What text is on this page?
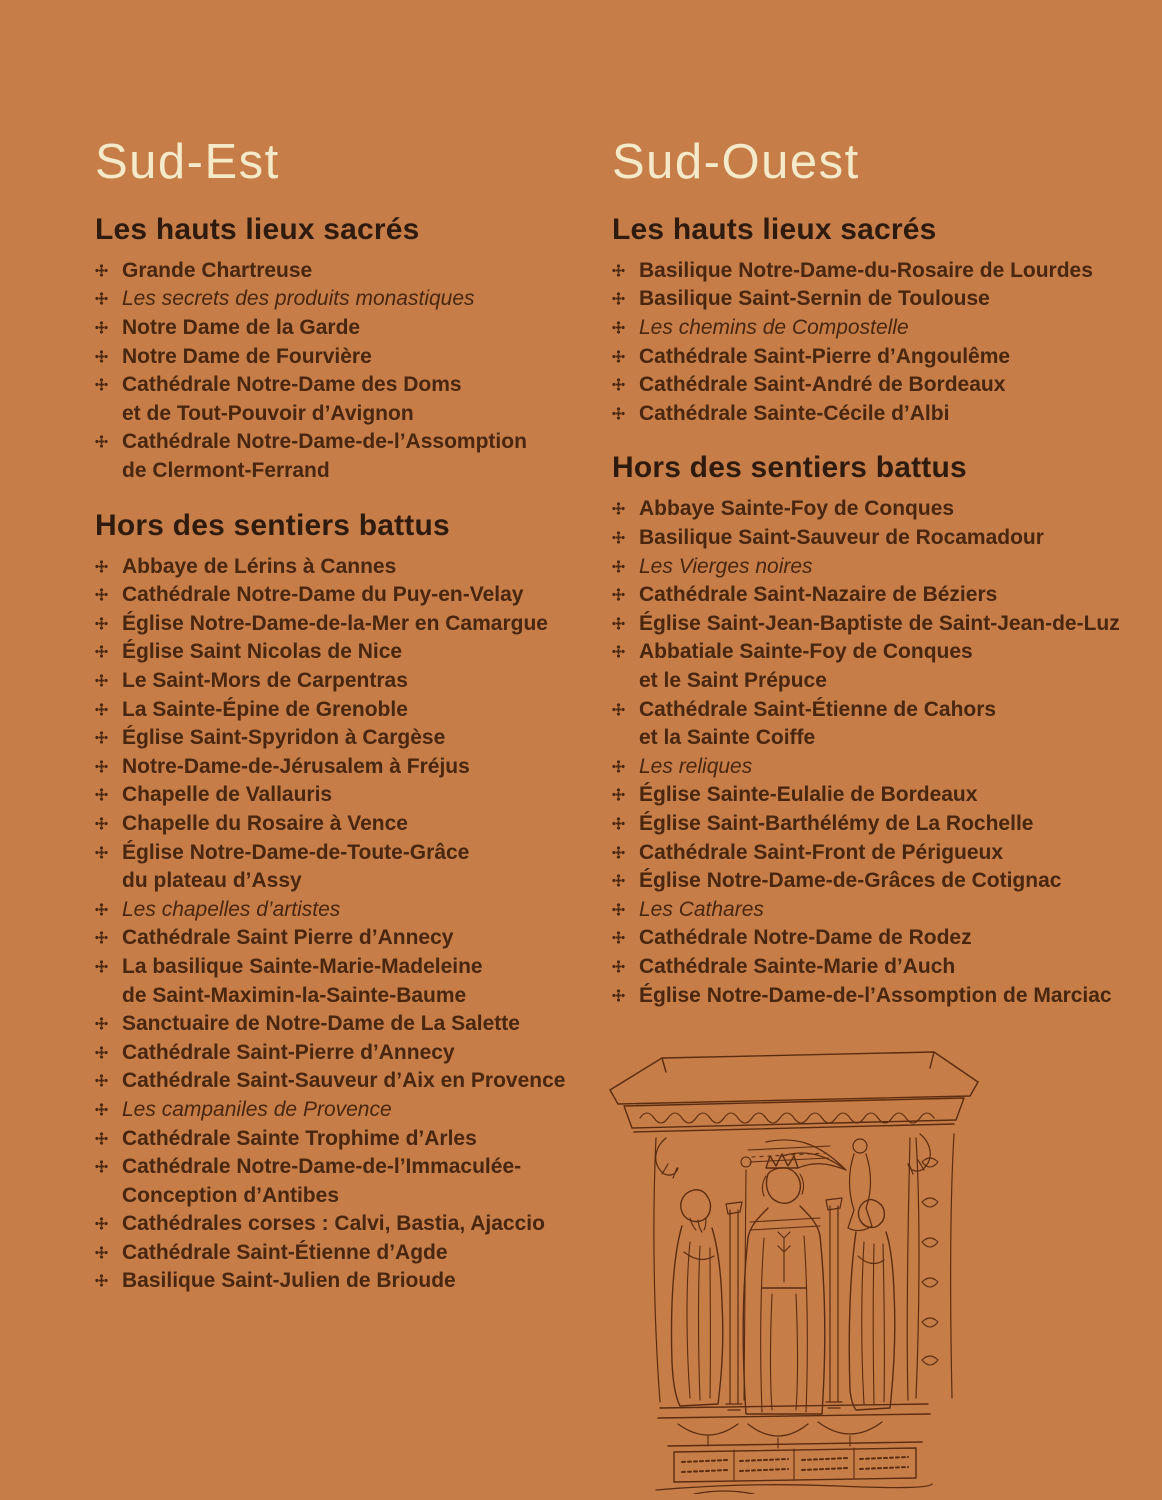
Sud-Est
Les hauts lieux sacrés
Grande Chartreuse
Les secrets des produits monastiques
Notre Dame de la Garde
Notre Dame de Fourvière
Cathédrale Notre-Dame des Doms
et de Tout-Pouvoir d’Avignon
Cathédrale Notre-Dame-de-l’Assomption
de Clermont-Ferrand
Hors des sentiers battus
Abbaye de Lérins à Cannes
Cathédrale Notre-Dame du Puy-en-Velay
Église Notre-Dame-de-la-Mer en Camargue
Église Saint Nicolas de Nice
Le Saint-Mors de Carpentras
La Sainte-Épine de Grenoble
Église Saint-Spyridon à Cargèse
Notre-Dame-de-Jérusalem à Fréjus
Chapelle de Vallauris
Chapelle du Rosaire à Vence
Église Notre-Dame-de-Toute-Grâce
du plateau d’Assy
Les chapelles d’artistes
Cathédrale Saint Pierre d’Annecy
La basilique Sainte-Marie-Madeleine
de Saint-Maximin-la-Sainte-Baume
Sanctuaire de Notre-Dame de La Salette
Cathédrale Saint-Pierre d’Annecy
Cathédrale Saint-Sauveur d’Aix en Provence
Les campaniles de Provence
Cathédrale Sainte Trophime d’Arles
Cathédrale Notre-Dame-de-l’Immaculée-
Conception d’Antibes
Cathédrales corses : Calvi, Bastia, Ajaccio
Cathédrale Saint-Étienne d’Agde
Basilique Saint-Julien de Brioude
Sud-Ouest
Les hauts lieux sacrés
Basilique Notre-Dame-du-Rosaire de Lourdes
Basilique Saint-Sernin de Toulouse
Les chemins de Compostelle
Cathédrale Saint-Pierre d’Angoulême
Cathédrale Saint-André de Bordeaux
Cathédrale Sainte-Cécile d’Albi
Hors des sentiers battus
Abbaye Sainte-Foy de Conques
Basilique Saint-Sauveur de Rocamadour
Les Vierges noires
Cathédrale Saint-Nazaire de Béziers
Église Saint-Jean-Baptiste de Saint-Jean-de-Luz
Abbatiale Sainte-Foy de Conques
et le Saint Prépuce
Cathédrale Saint-Étienne de Cahors
et la Sainte Coiffe
Les reliques
Église Sainte-Eulalie de Bordeaux
Église Saint-Barthélémy de La Rochelle
Cathédrale Saint-Front de Périgueux
Église Notre-Dame-de-Grâces de Cotignac
Les Cathares
Cathédrale Notre-Dame de Rodez
Cathédrale Sainte-Marie d’Auch
Église Notre-Dame-de-l’Assomption de Marciac
